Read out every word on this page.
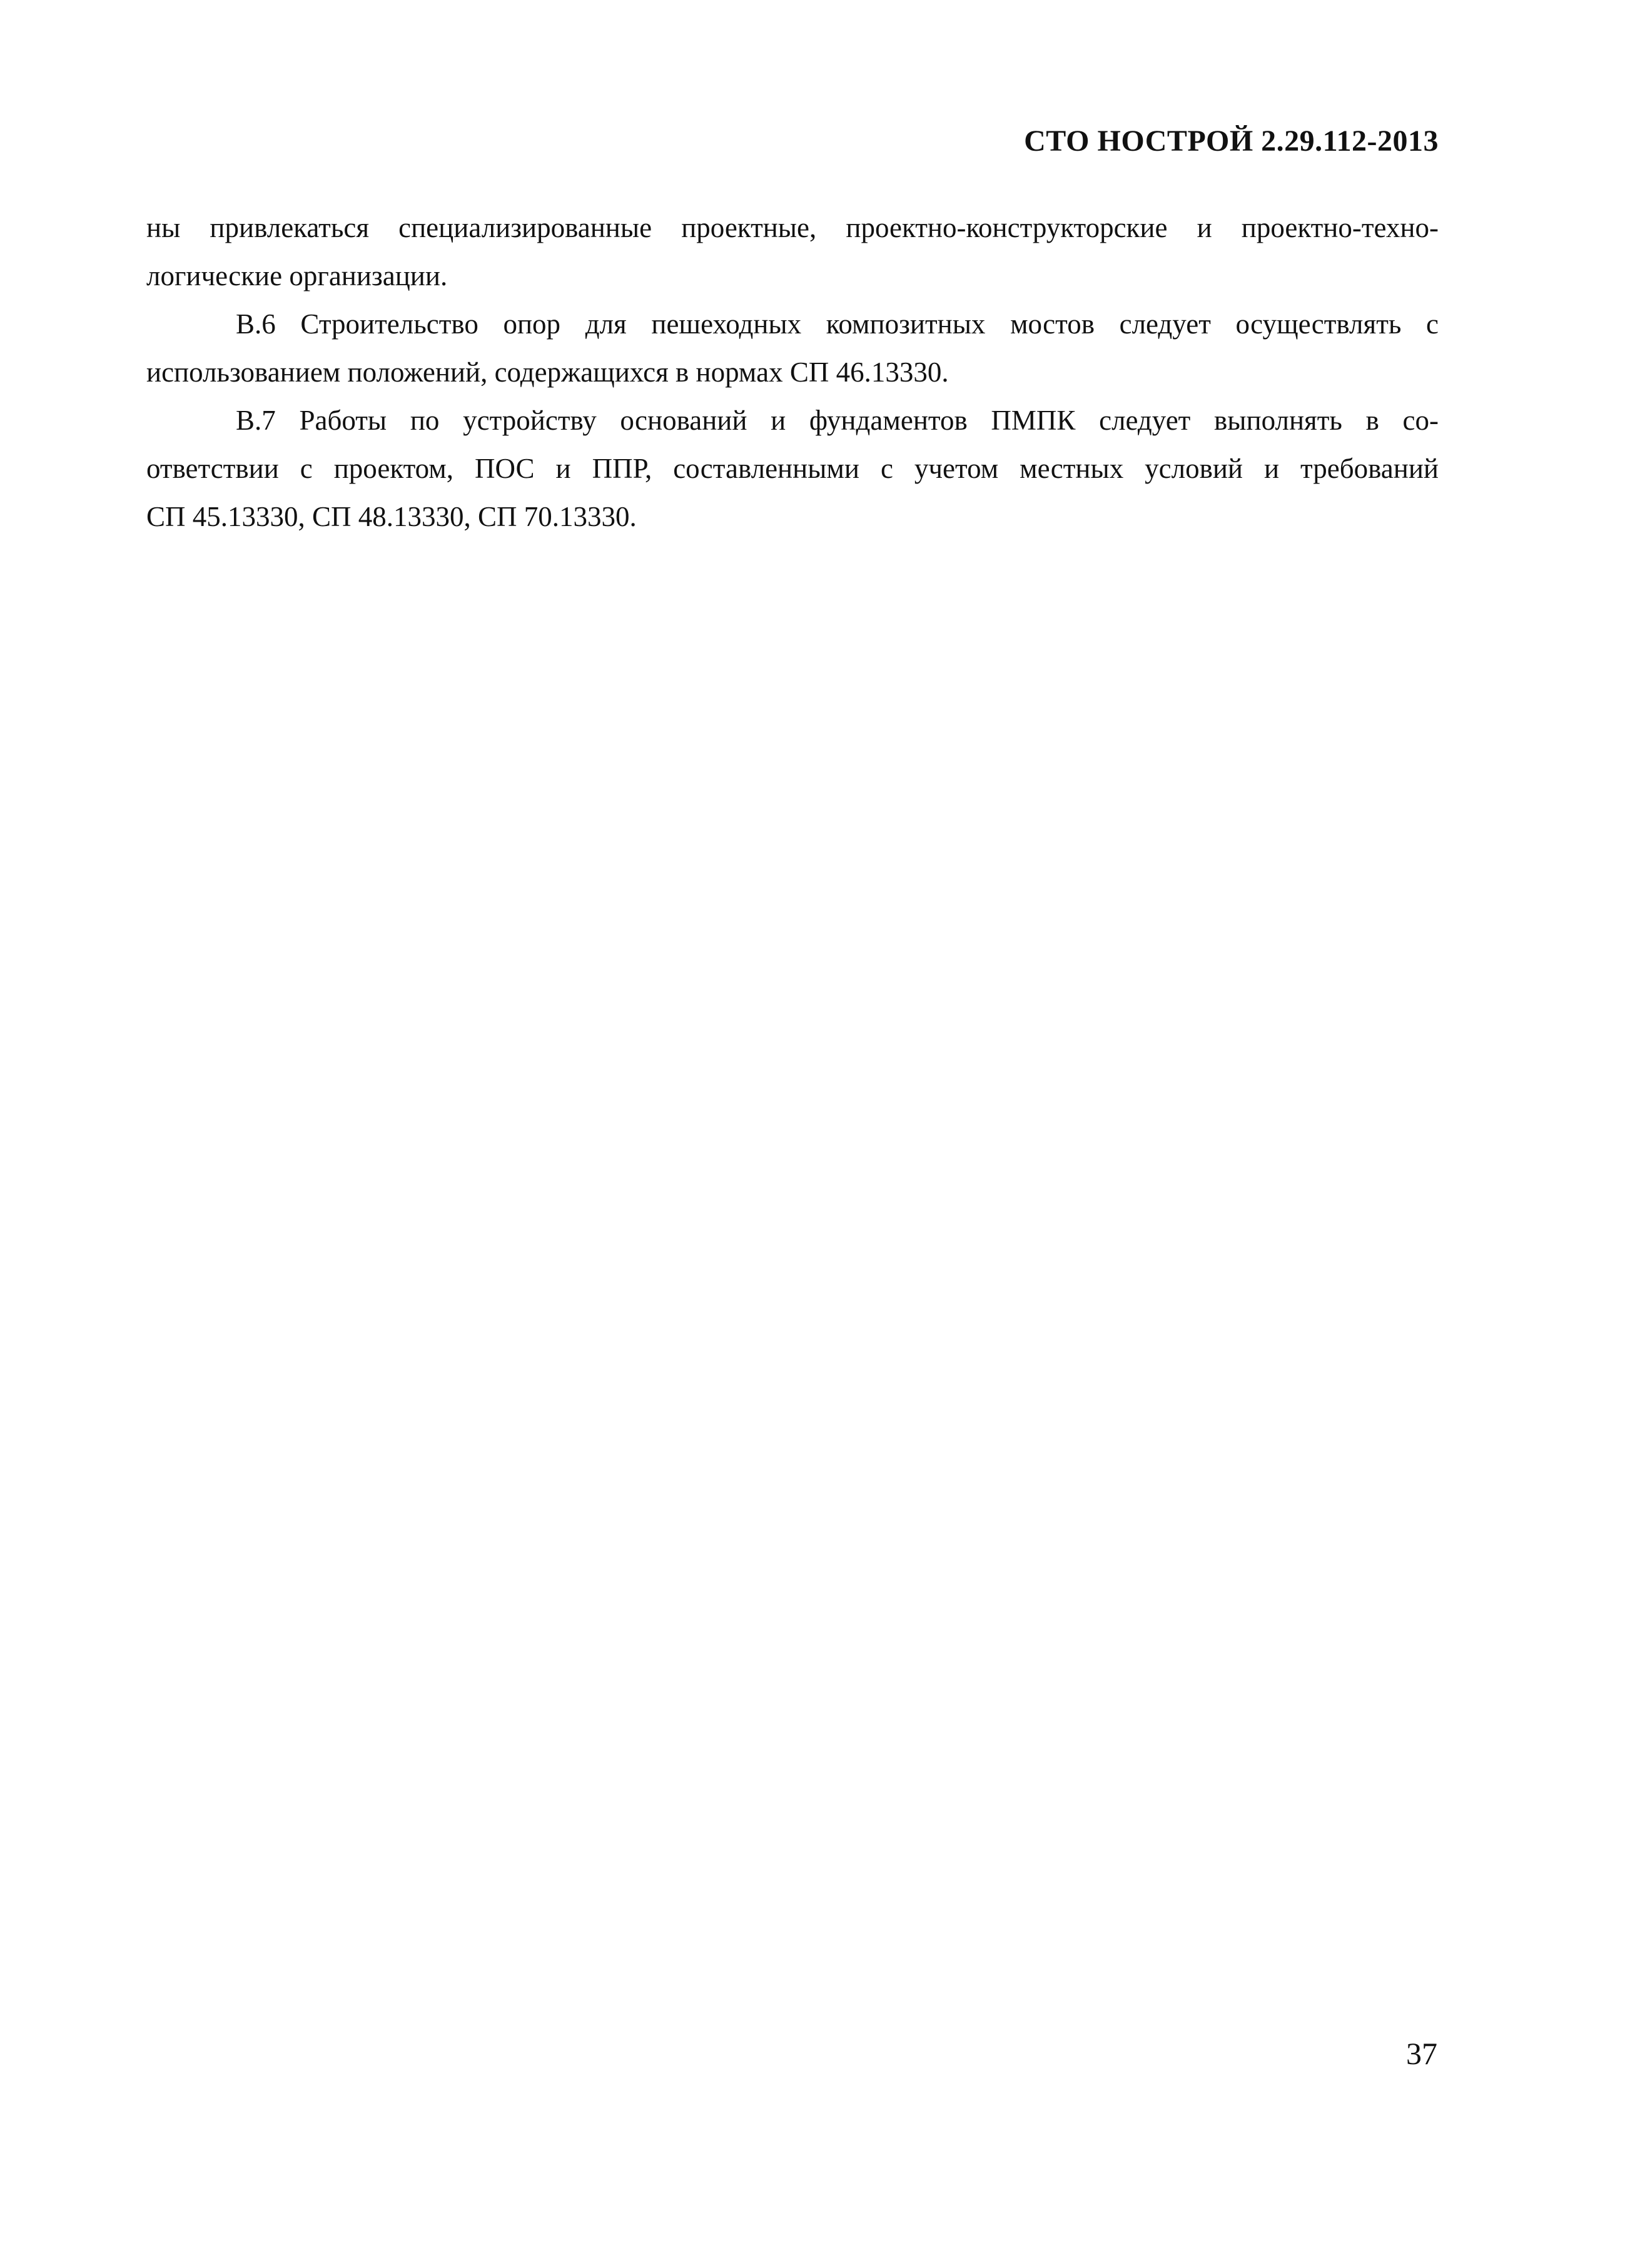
СТО НОСТРОЙ 2.29.112-2013

ны привлекаться специализированные проектные, проектно-конструкторские и проектно-техно-
логические организации.

В.6 Строительство опор для пешеходных композитных мостов следует осуществлять с
использованием положений, содержащихся в нормах СП 46.13330.

В.7 Работы по устройству оснований и фундаментов ПМПК следует выполнять в со-
ответствии с проектом, ПОС и ППР, составленными с учетом местных условий и требований
СП 45.13330, СП 48.13330, СП 70.13330.

37
